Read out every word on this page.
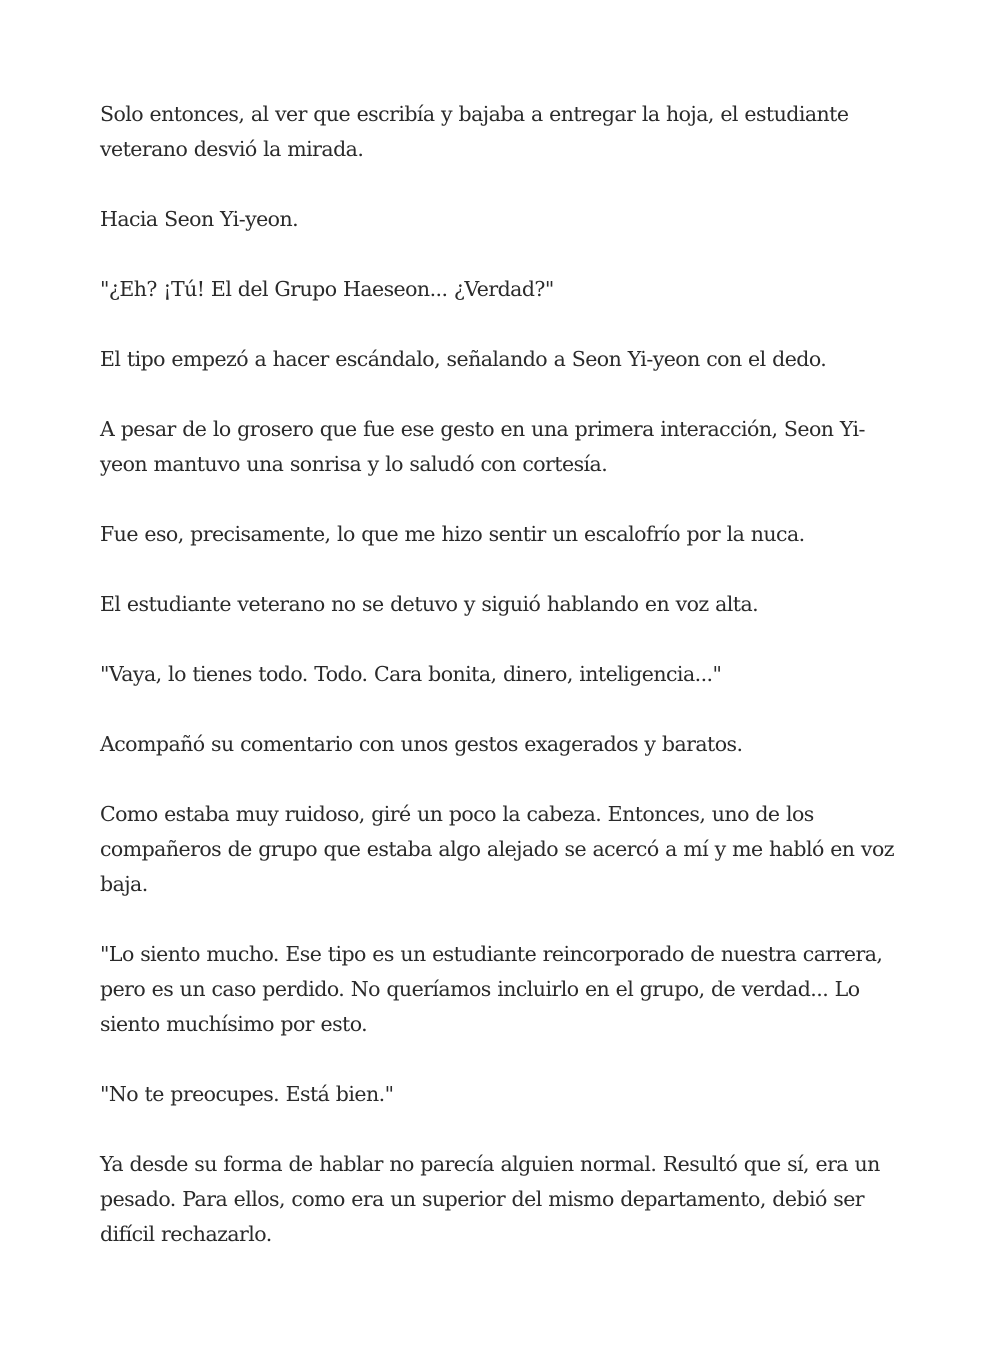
Solo entonces, al ver que escribía y bajaba a entregar la hoja, el estudiante veterano desvió la mirada.

Hacia Seon Yi-yeon.

"¿Eh? ¡Tú! El del Grupo Haeseon... ¿Verdad?"

El tipo empezó a hacer escándalo, señalando a Seon Yi-yeon con el dedo.

A pesar de lo grosero que fue ese gesto en una primera interacción, Seon Yi-yeon mantuvo una sonrisa y lo saludó con cortesía.

Fue eso, precisamente, lo que me hizo sentir un escalofrío por la nuca.

El estudiante veterano no se detuvo y siguió hablando en voz alta.

"Vaya, lo tienes todo. Todo. Cara bonita, dinero, inteligencia..."

Acompañó su comentario con unos gestos exagerados y baratos.

Como estaba muy ruidoso, giré un poco la cabeza. Entonces, uno de los compañeros de grupo que estaba algo alejado se acercó a mí y me habló en voz baja.

"Lo siento mucho. Ese tipo es un estudiante reincorporado de nuestra carrera, pero es un caso perdido. No queríamos incluirlo en el grupo, de verdad... Lo siento muchísimo por esto.

"No te preocupes. Está bien."

Ya desde su forma de hablar no parecía alguien normal. Resultó que sí, era un pesado. Para ellos, como era un superior del mismo departamento, debió ser difícil rechazarlo.
